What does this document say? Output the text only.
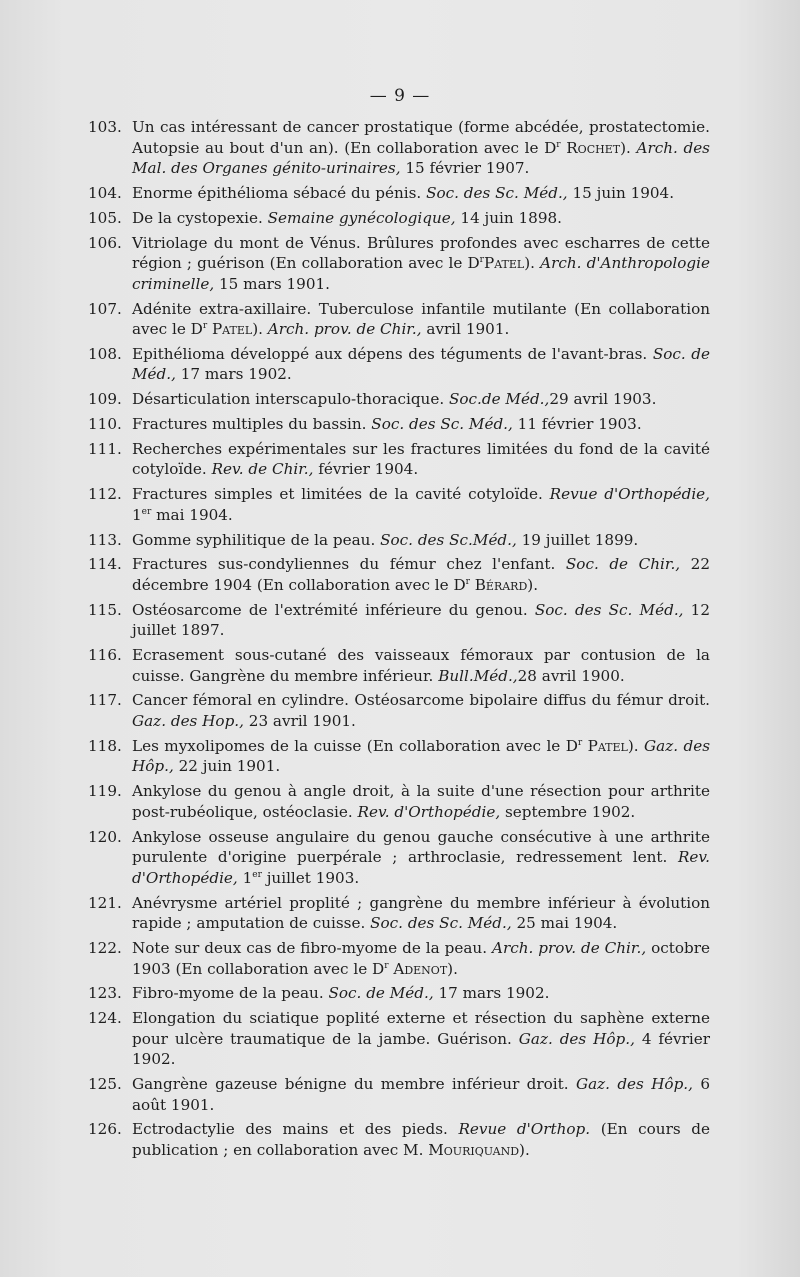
— 9 —
103. Un cas intéressant de cancer prostatique (forme abcédée, prostatectomie. Autopsie au bout d'un an). (En collaboration avec le $D^r$ Rochet). Arch. des Mal. des Organes génito-urinaires, 15 février 1907.
104. Enorme épithélioma sébacé du pénis. Soc. des Sc. Méd., 15 juin 1904.
105. De la cystopexie. Semaine gynécologique, 14 juin 1898.
106. Vitriolage du mont de Vénus. Brûlures profondes avec escharres de cette région ; guérison (En collaboration avec le $D^rPatel$). Arch. d'Anthropologie criminelle, 15 mars 1901.
107. Adénite extra-axillaire. Tuberculose infantile mutilante (En collaboration avec le $D^r$ Patel). Arch. prov. de Chir., avril 1901.
108. Epithélioma développé aux dépens des téguments de l'avant-bras. Soc. de Méd., 17 mars 1902.
109. Désarticulation interscapulo-thoracique. Soc.de Méd.,29 avril 1903.
110. Fractures multiples du bassin. Soc. des Sc. Méd., 11 février 1903.
111. Recherches expérimentales sur les fractures limitées du fond de la cavité cotyloïde. Rev. de Chir., février 1904.
112. Fractures simples et limitées de la cavité cotyloïde. Revue d'Orthopédie, 1er mai 1904.
113. Gomme syphilitique de la peau. Soc. des Sc.Méd., 19 juillet 1899.
114. Fractures sus-condyliennes du fémur chez l'enfant. Soc. de Chir., 22 décembre 1904 (En collaboration avec le $D^r$ Bérard).
115. Ostéosarcome de l'extrémité inférieure du genou. Soc. des Sc. Méd., 12 juillet 1897.
116. Ecrasement sous-cutané des vaisseaux fémoraux par contusion de la cuisse. Gangrène du membre inférieur. Bull.Méd.,28 avril 1900.
117. Cancer fémoral en cylindre. Ostéosarcome bipolaire diffus du fémur droit. Gaz. des Hop., 23 avril 1901.
118. Les myxolipomes de la cuisse (En collaboration avec le $D^r$ Patel). Gaz. des Hôp., 22 juin 1901.
119. Ankylose du genou à angle droit, à la suite d'une résection pour arthrite post-rubéolique, ostéoclasie. Rev. d'Orthopédie, septembre 1902.
120. Ankylose osseuse angulaire du genou gauche consécutive à une arthrite purulente d'origine puerpérale ; arthroclasie, redressement lent. Rev. d'Orthopédie, 1er juillet 1903.
121. Anévrysme artériel proplité ; gangrène du membre inférieur à évolution rapide ; amputation de cuisse. Soc. des Sc. Méd., 25 mai 1904.
122. Note sur deux cas de fibro-myome de la peau. Arch. prov. de Chir., octobre 1903 (En collaboration avec le $D^r$ Adenot).
123. Fibro-myome de la peau. Soc. de Méd., 17 mars 1902.
124. Elongation du sciatique poplité externe et résection du saphène externe pour ulcère traumatique de la jambe. Guérison. Gaz. des Hôp., 4 février 1902.
125. Gangrène gazeuse bénigne du membre inférieur droit. Gaz. des Hôp., 6 août 1901.
126. Ectrodactylie des mains et des pieds. Revue d'Orthop. (En cours de publication ; en collaboration avec M. Mouriquand).
